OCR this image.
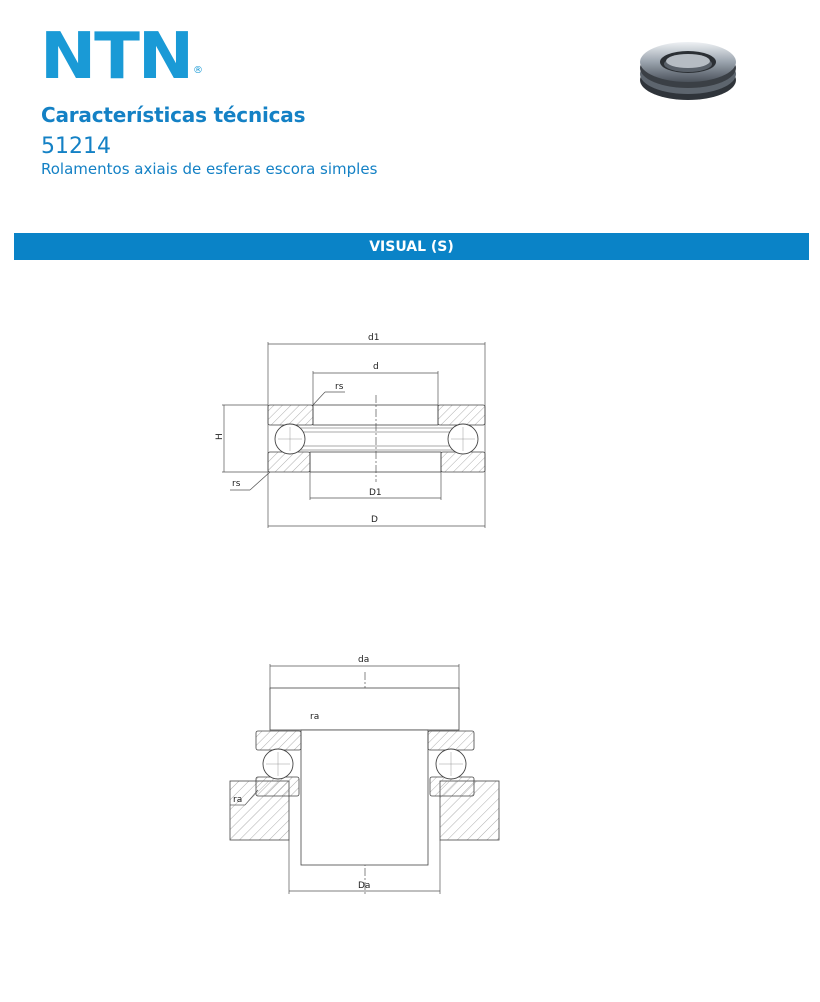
NTN ®
Características técnicas
51214
Rolamentos axiais de esferas escora simples
VISUAL (S)
d1
d
rs
rs
H
D1
D
da
ra
ra
Da
